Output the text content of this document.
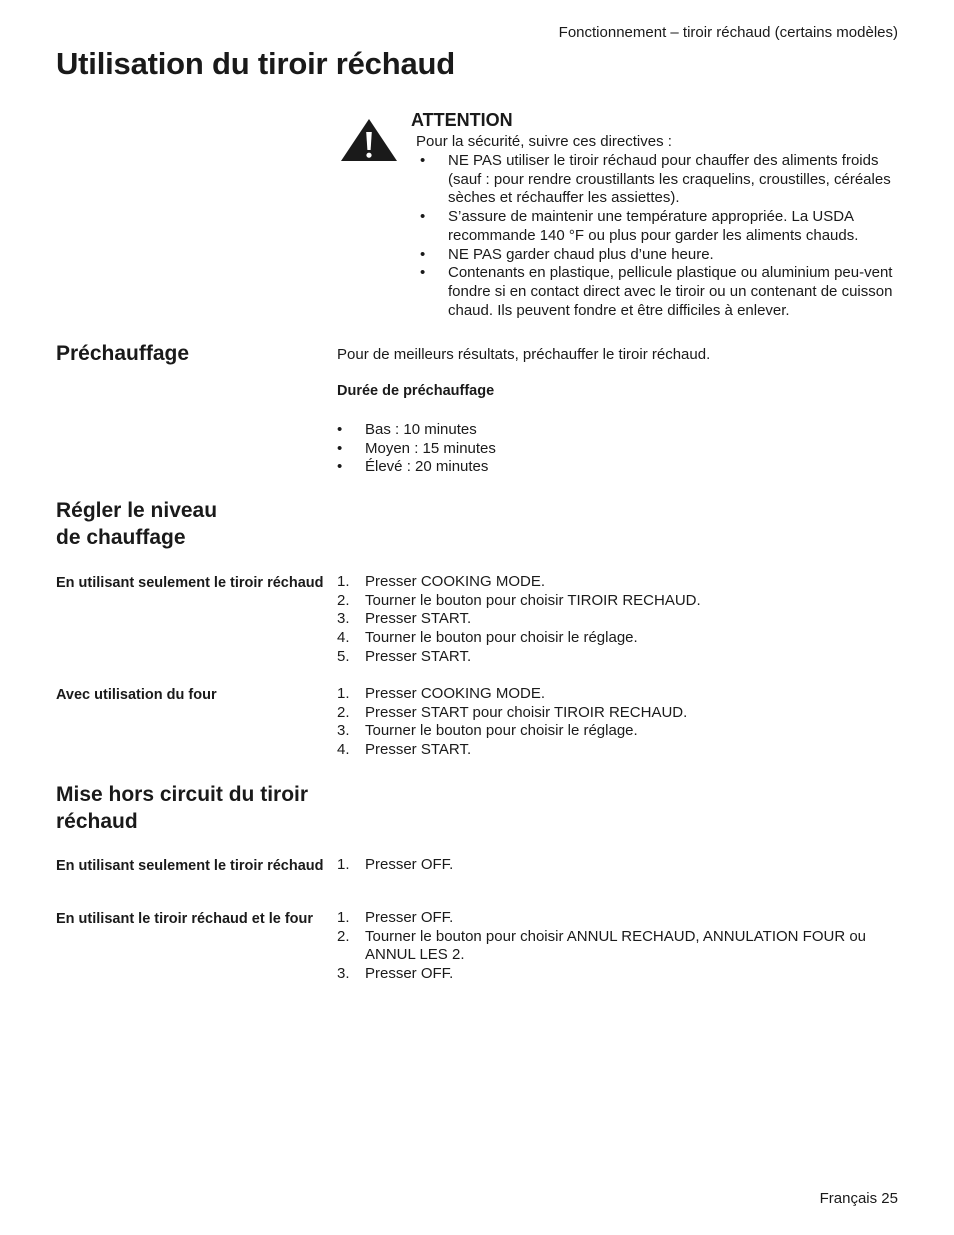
Fonctionnement – tiroir réchaud (certains modèles)
Utilisation du tiroir réchaud
ATTENTION
Pour la sécurité, suivre ces directives :
• NE PAS utiliser le tiroir réchaud pour chauffer des aliments froids (sauf : pour rendre croustillants les craquelins, croustilles, céréales sèches et réchauffer les assiettes).
• S’assure de maintenir une température appropriée. La USDA recommande 140 °F ou plus pour garder les aliments chauds.
• NE PAS garder chaud plus d’une heure.
• Contenants en plastique, pellicule plastique ou aluminium peu-vent fondre si en contact direct avec le tiroir ou un contenant de cuisson chaud. Ils peuvent fondre et être difficiles à enlever.
Préchauffage	Pour de meilleurs résultats, préchauffer le tiroir réchaud.
Durée de préchauffage
• Bas : 10 minutes
• Moyen : 15 minutes
• Élevé : 20 minutes
Régler le niveau
de chauffage
En utilisant seulement le tiroir réchaud 1. Presser COOKING MODE.
2. Tourner le bouton pour choisir TIROIR RECHAUD.
3. Presser START.
4. Tourner le bouton pour choisir le réglage.
5. Presser START.
Avec utilisation du four	1. Presser COOKING MODE.
2. Presser START pour choisir TIROIR RECHAUD.
3. Tourner le bouton pour choisir le réglage.
4. Presser START.
Mise hors circuit du tiroir
réchaud
En utilisant seulement le tiroir réchaud 1. Presser OFF.
En utilisant le tiroir réchaud et le four	1. Presser OFF.
2. Tourner le bouton pour choisir ANNUL RECHAUD, ANNULATION FOUR ou ANNUL LES 2.
3. Presser OFF.
Français 25
